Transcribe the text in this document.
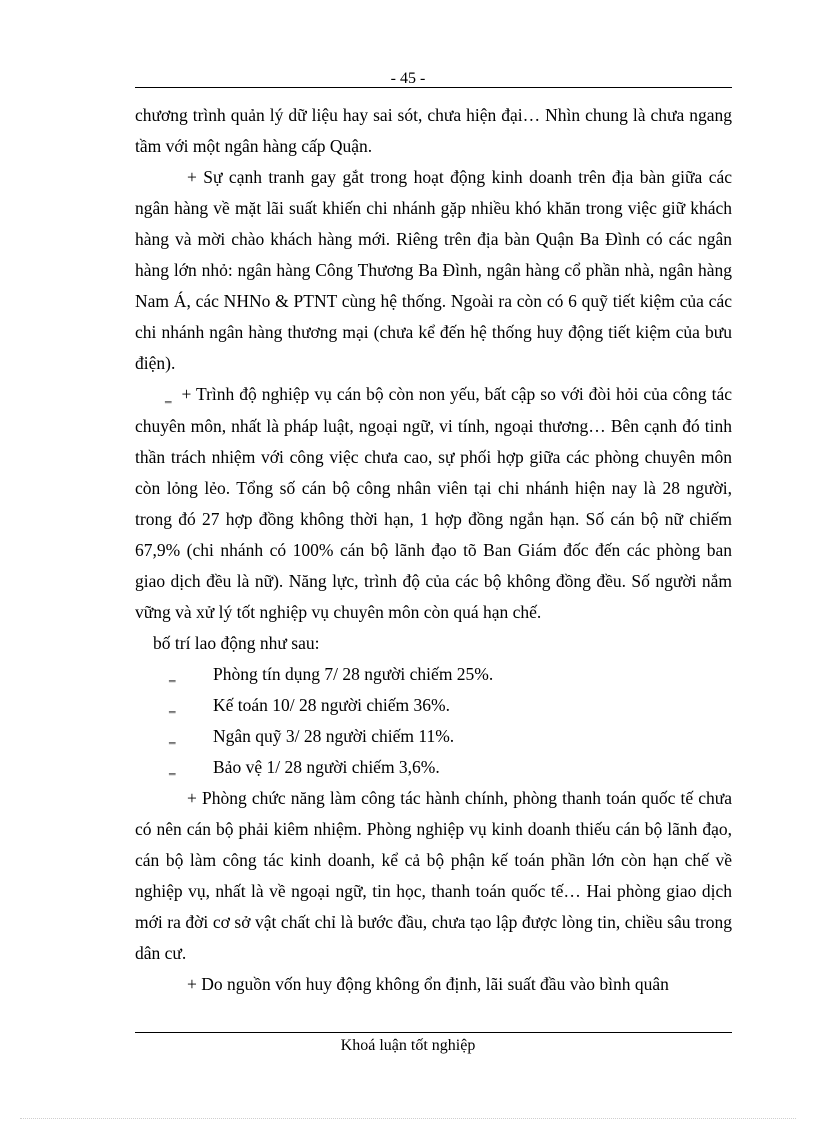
- 45 -

chương trình quản lý dữ liệu hay sai sót, chưa hiện đại… Nhìn chung là chưa ngang tầm với một ngân hàng cấp Quận.

+ Sự cạnh tranh gay gắt trong hoạt động kinh doanh trên địa bàn giữa các ngân hàng về mặt lãi suất khiến chi nhánh gặp nhiều khó khăn trong việc giữ khách hàng và mời chào khách hàng mới. Riêng trên địa bàn Quận Ba Đình có các ngân hàng lớn nhỏ: ngân hàng Công Thương Ba Đình, ngân hàng cổ phần nhà, ngân hàng Nam Á, các NHNo & PTNT cùng hệ thống. Ngoài ra còn có 6 quỹ tiết kiệm của các chi nhánh ngân hàng thương mại (chưa kể đến hệ thống huy động tiết kiệm của bưu điện).

‗ + Trình độ nghiệp vụ cán bộ còn non yếu, bất cập so với đòi hỏi của công tác chuyên môn, nhất là pháp luật, ngoại ngữ, vi tính, ngoại thương… Bên cạnh đó tinh thần trách nhiệm với công việc chưa cao, sự phối hợp giữa các phòng chuyên môn còn lỏng lẻo. Tổng số cán bộ công nhân viên tại chi nhánh hiện nay là 28 người, trong đó 27 hợp đồng không thời hạn, 1 hợp đồng ngắn hạn. Số cán bộ nữ chiếm 67,9% (chi nhánh có 100% cán bộ lãnh đạo tõ Ban Giám đốc đến các phòng ban giao dịch đều là nữ). Năng lực, trình độ của các bộ không đồng đều. Số người nắm vững và xử lý tốt nghiệp vụ chuyên môn còn quá hạn chế.

bố trí lao động như sau:

‗ Phòng tín dụng 7/ 28 người chiếm 25%.

‗ Kế toán 10/ 28 người chiếm 36%.

‗ Ngân quỹ 3/ 28 người chiếm 11%.

‗ Bảo vệ 1/ 28 người chiếm 3,6%.

+ Phòng chức năng làm công tác hành chính, phòng thanh toán quốc tế chưa có nên cán bộ phải kiêm nhiệm. Phòng nghiệp vụ kinh doanh thiếu cán bộ lãnh đạo, cán bộ làm công tác kinh doanh, kể cả bộ phận kế toán phần lớn còn hạn chế về nghiệp vụ, nhất là về ngoại ngữ, tin học, thanh toán quốc tế… Hai phòng giao dịch mới ra đời cơ sở vật chất chỉ là bước đầu, chưa tạo lập được lòng tin, chiều sâu trong dân cư.

+ Do nguồn vốn huy động không ổn định, lãi suất đầu vào bình quân

Khoá luận tốt nghiệp
